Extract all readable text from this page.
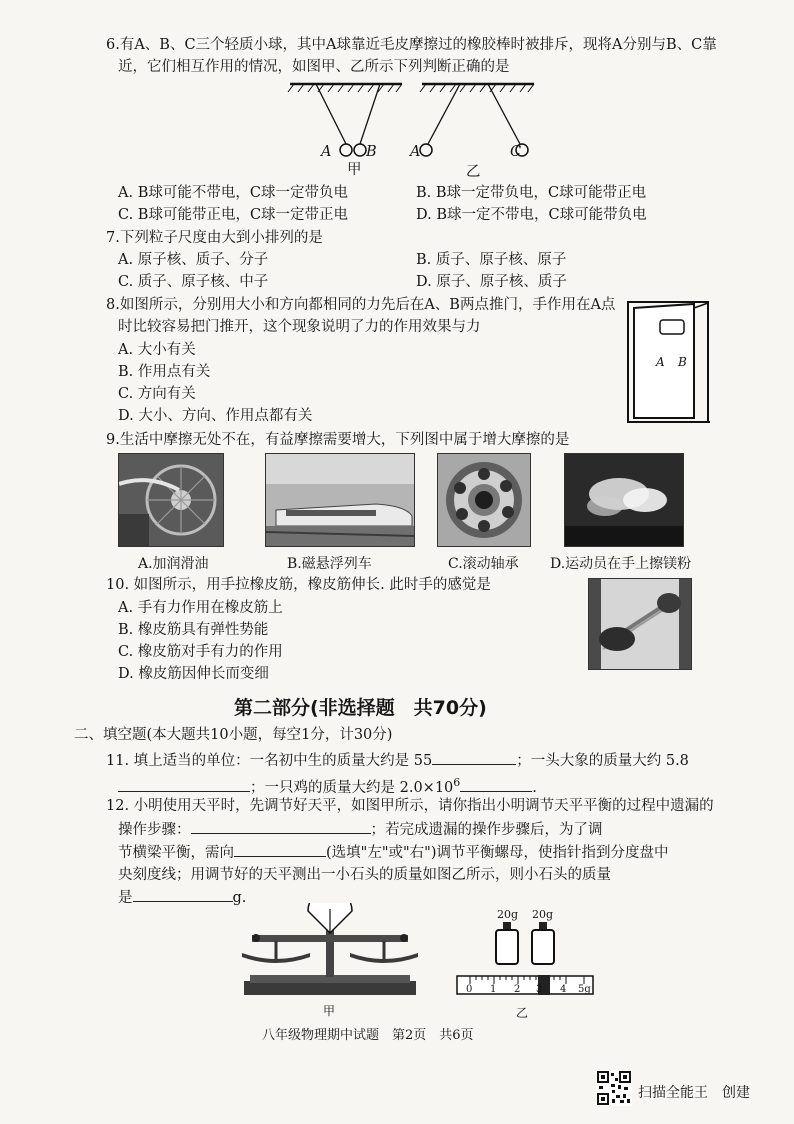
6.有A、B、C三个轻质小球，其中A球靠近毛皮摩擦过的橡胶棒时被排斥，现将A分别与B、C靠
近，它们相互作用的情况，如图甲、乙所示下列判断正确的是
A B
甲
A	C
乙
A. B球可能不带电，C球一定带负电	B. B球一定带负电，C球可能带正电
C. B球可能带正电，C球一定带正电	D. B球一定不带电，C球可能带负电
7.下列粒子尺度由大到小排列的是
A. 原子核、质子、分子	B. 质子、原子核、原子
C. 质子、原子核、中子	D. 原子、原子核、质子
8.如图所示，分别用大小和方向都相同的力先后在A、B两点推门，手作用在A点
时比较容易把门推开，这个现象说明了力的作用效果与力
A. 大小有关
B. 作用点有关
C. 方向有关
D. 大小、方向、作用点都有关
A B
9.生活中摩擦无处不在，有益摩擦需要增大，下列图中属于增大摩擦的是
A.加润滑油	B.磁悬浮列车	C.滚动轴承 D.运动员在手上擦镁粉
10. 如图所示，用手拉橡皮筋，橡皮筋伸长. 此时手的感觉是
A. 手有力作用在橡皮筋上
B. 橡皮筋具有弹性势能
C. 橡皮筋对手有力的作用
D. 橡皮筋因伸长而变细
第二部分(非选择题　共70分)
二、填空题(本大题共10小题，每空1分，计30分)
11. 填上适当的单位：一名初中生的质量大约是 55	；一头大象的质量大约 5.8
；一只鸡的质量大约是 $2.0\times 10^6$	.
12. 小明使用天平时，先调节好天平，如图甲所示，请你指出小明调节天平平衡的过程中遗漏的
操作步骤：	；若完成遗漏的操作步骤后，为了调
节横梁平衡，需向	(选填"左"或"右")调节平衡螺母，使指针指到分度盘中
央刻度线；用调节好的天平测出一小石头的质量如图乙所示，则小石头的质量
是	g.
甲
20g 20g
0 1 2 3 4 5g
乙
八年级物理期中试题　第2页　共6页
扫描全能王　创建
